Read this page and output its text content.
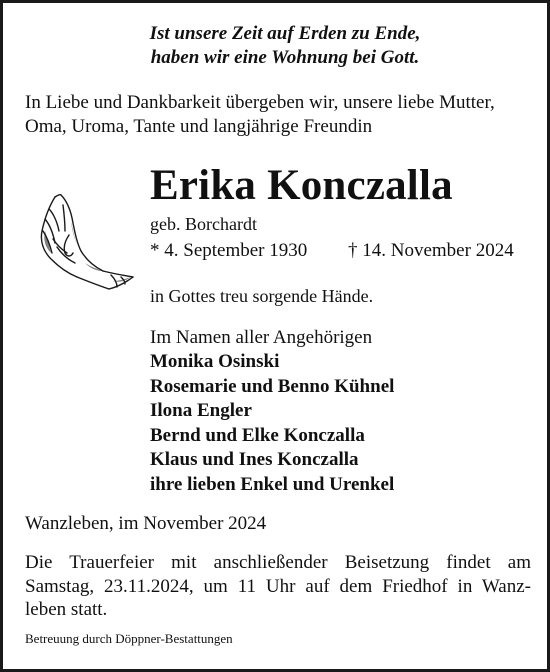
Ist unsere Zeit auf Erden zu Ende,
haben wir eine Wohnung bei Gott.
In Liebe und Dankbarkeit übergeben wir, unsere liebe Mutter,
Oma, Uroma, Tante und langjährige Freundin
Erika Konczalla
geb. Borchardt
* 4. September 1930 † 14. November 2024
in Gottes treu sorgende Hände.
Im Namen aller Angehörigen
Monika Osinski
Rosemarie und Benno Kühnel
Ilona Engler
Bernd und Elke Konczalla
Klaus und Ines Konczalla
ihre lieben Enkel und Urenkel
Wanzleben, im November 2024
Die Trauerfeier mit anschließender Beisetzung findet am
Samstag, 23.11.2024, um 11 Uhr auf dem Friedhof in Wanz-
leben statt.
Betreuung durch Döppner-Bestattungen
